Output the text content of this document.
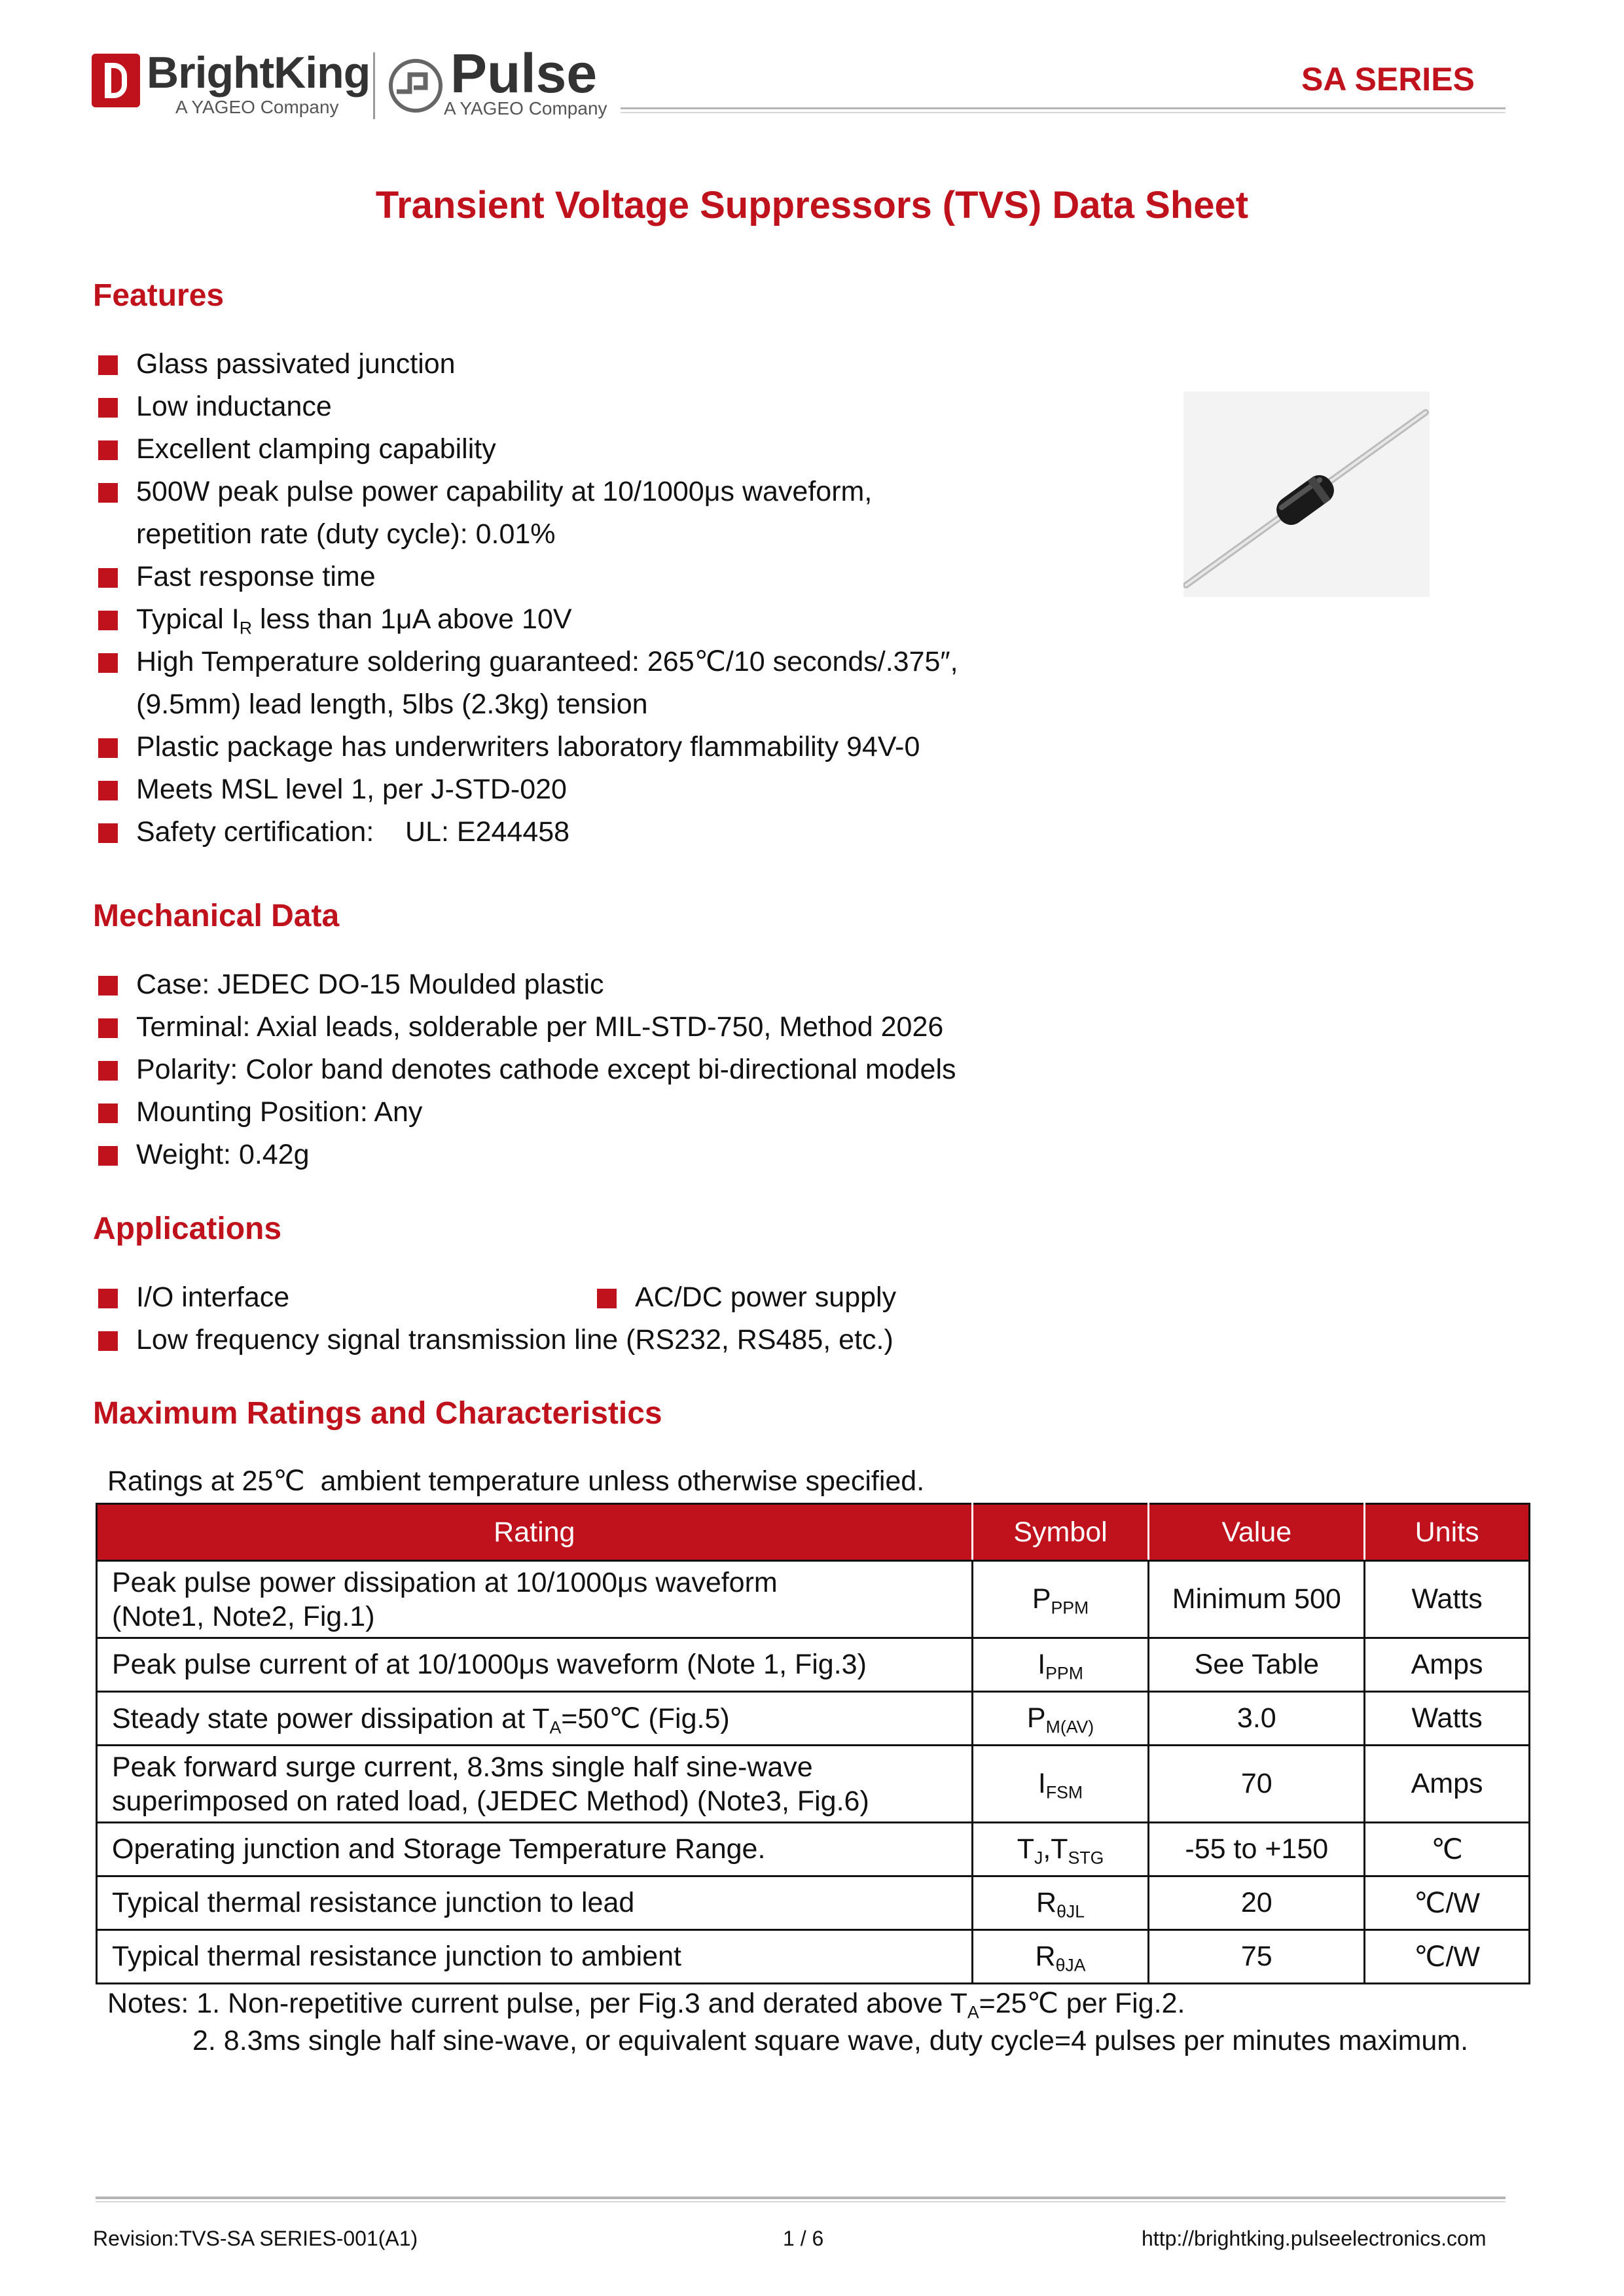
BrightKing
A YAGEO Company
Pulse
A YAGEO Company
SA SERIES
Transient Voltage Suppressors (TVS) Data Sheet
Features
Glass passivated junction
Low inductance
Excellent clamping capability
500W peak pulse power capability at 10/1000μs waveform,
repetition rate (duty cycle): 0.01%
Fast response time
Typical $I_R$ less than 1μA above 10V
High Temperature soldering guaranteed: 265℃/10 seconds/.375″,
(9.5mm) lead length, 5lbs (2.3kg) tension
Plastic package has underwriters laboratory flammability 94V-0
Meets MSL level 1, per J-STD-020
Safety certification:    UL: E244458
Mechanical Data
Case: JEDEC DO-15 Moulded plastic
Terminal: Axial leads, solderable per MIL-STD-750, Method 2026
Polarity: Color band denotes cathode except bi-directional models
Mounting Position: Any
Weight: 0.42g
Applications
I/O interface	AC/DC power supply
Low frequency signal transmission line (RS232, RS485, etc.)
Maximum Ratings and Characteristics
Ratings at 25℃  ambient temperature unless otherwise specified.
Rating	Symbol	Value	Units
Peak pulse power dissipation at 10/1000μs waveform
(Note1, Note2, Fig.1)	$P_{PPM}$	Minimum 500	Watts
Peak pulse current of at 10/1000μs waveform (Note 1, Fig.3)	$I_{PPM}$	See Table	Amps
Steady state power dissipation at $T_A=50℃$ (Fig.5)	$P_{M(AV)}$	3.0	Watts
Peak forward surge current, 8.3ms single half sine-wave
superimposed on rated load, (JEDEC Method) (Note3, Fig.6)	$I_{FSM}$	70	Amps
Operating junction and Storage Temperature Range.	$T_J,T_{STG}$	-55 to +150	℃
Typical thermal resistance junction to lead	$R_{\theta JL}$	20	℃/W
Typical thermal resistance junction to ambient	$R_{\theta JA}$	75	℃/W
Notes: 1. Non-repetitive current pulse, per Fig.3 and derated above $T_A=25℃$ per Fig.2.
2. 8.3ms single half sine-wave, or equivalent square wave, duty cycle=4 pulses per minutes maximum.
Revision:TVS-SA SERIES-001(A1)	1 / 6	http://brightking.pulseelectronics.com
